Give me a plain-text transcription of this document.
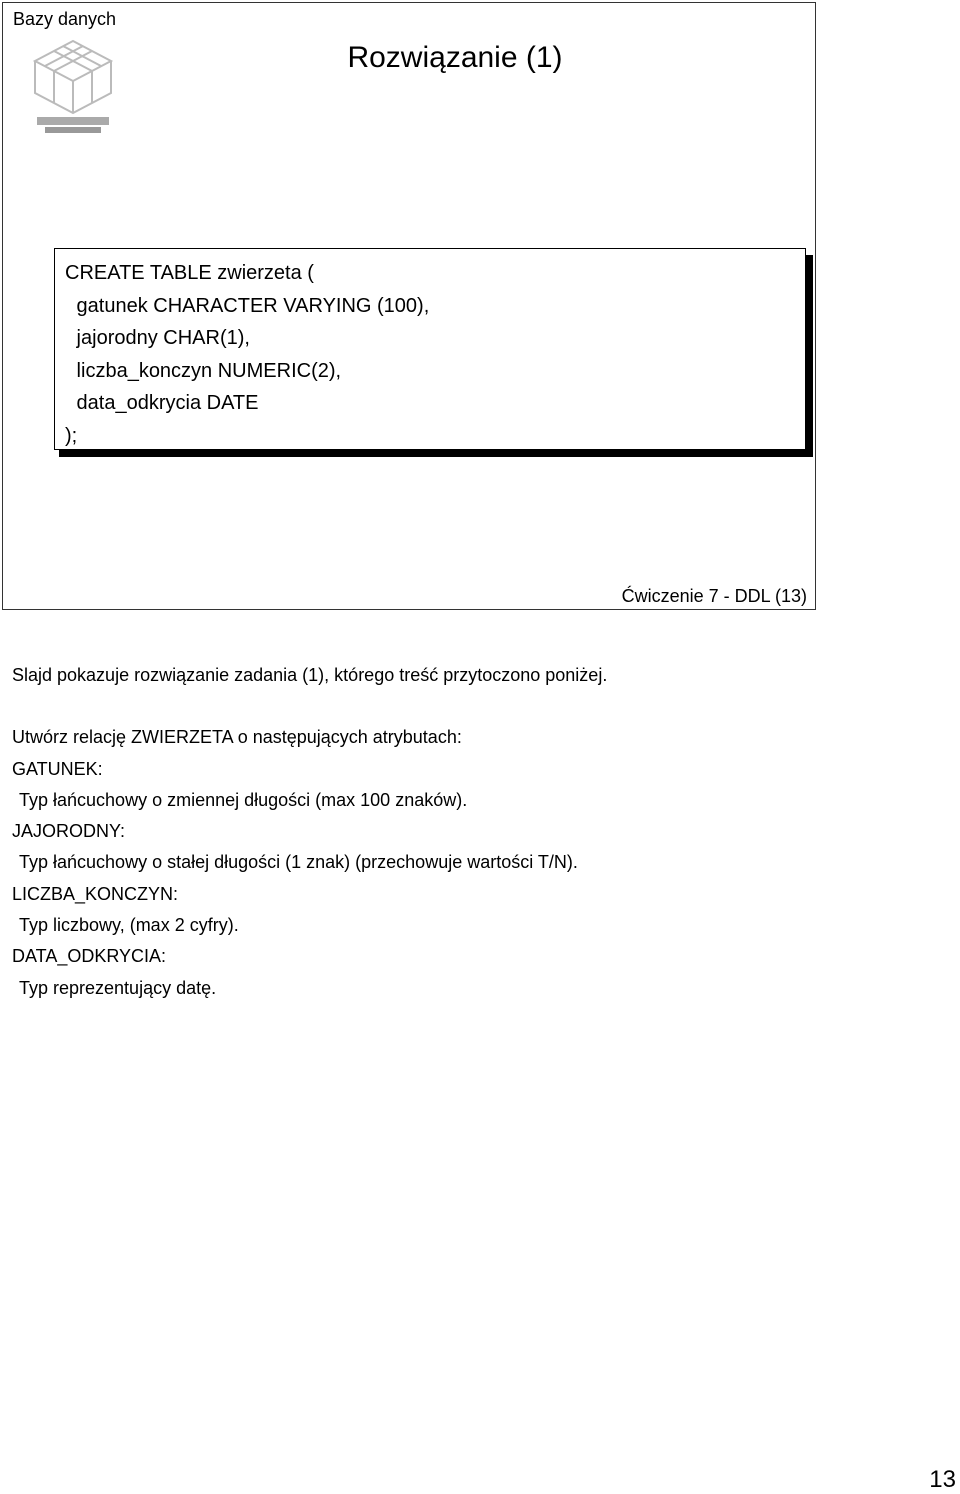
Bazy danych
Rozwiązanie (1)
CREATE TABLE zwierzeta (
gatunek CHARACTER VARYING (100),
jajorodny CHAR(1),
liczba_konczyn NUMERIC(2),
data_odkrycia DATE
);
Ćwiczenie 7 - DDL (13)
Slajd pokazuje rozwiązanie zadania (1), którego treść przytoczono poniżej.
Utwórz relację ZWIERZETA o następujących atrybutach:
GATUNEK:
Typ łańcuchowy o zmiennej długości (max 100 znaków).
JAJORODNY:
Typ łańcuchowy o stałej długości (1 znak) (przechowuje wartości T/N).
LICZBA_KONCZYN:
Typ liczbowy, (max 2 cyfry).
DATA_ODKRYCIA:
Typ reprezentujący datę.
13
